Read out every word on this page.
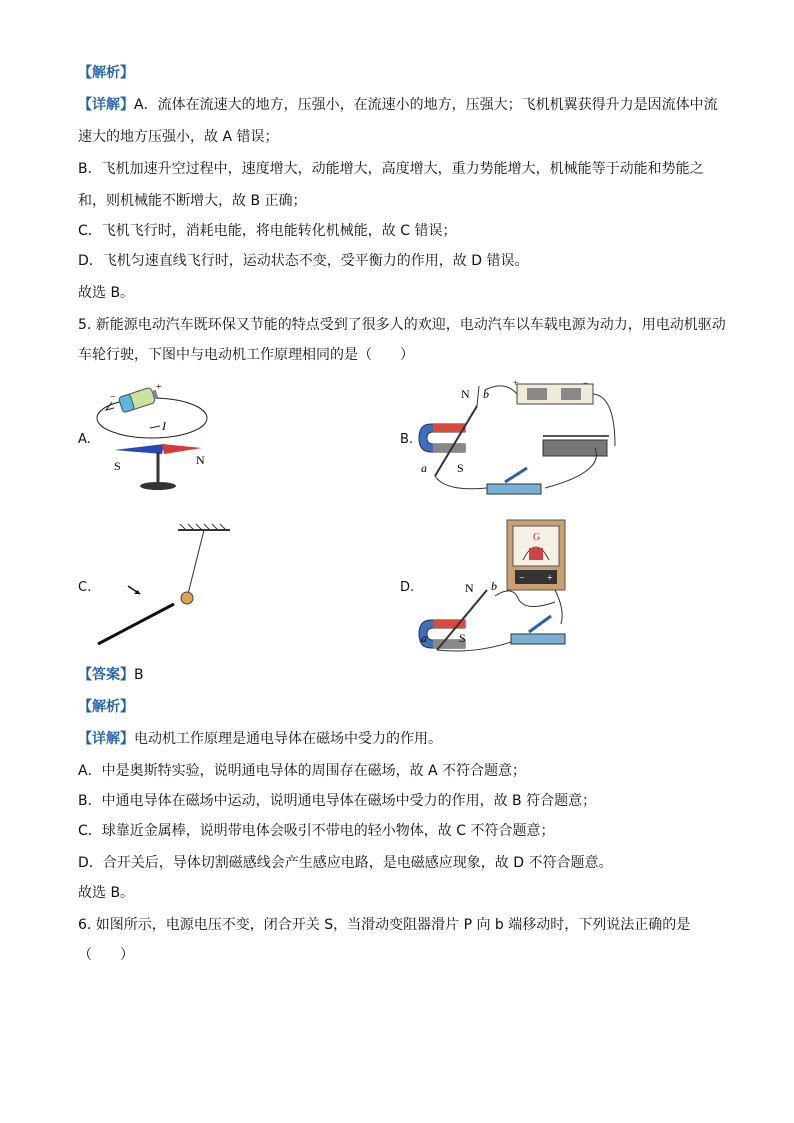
【解析】
【详解】A．流体在流速大的地方，压强小，在流速小的地方，压强大；飞机机翼获得升力是因流体中流
速大的地方压强小，故 A 错误；
B．飞机加速升空过程中，速度增大，动能增大，高度增大，重力势能增大，机械能等于动能和势能之
和，则机械能不断增大，故 B 正确；
C．飞机飞行时，消耗电能，将电能转化机械能，故 C 错误；
D．飞机匀速直线飞行时，运动状态不变，受平衡力的作用，故 D 错误。
故选 B。
5. 新能源电动汽车既环保又节能的特点受到了很多人的欢迎，电动汽车以车载电源为动力，用电动机驱动
车轮行驶，下图中与电动机工作原理相同的是（　　）
A.
+
−
I
S	N
B.
N b
a	S
+	−
C.	D.	N b
a	S
G
− +
【答案】B
【解析】
【详解】电动机工作原理是通电导体在磁场中受力的作用。
A．中是奥斯特实验，说明通电导体的周围存在磁场，故 A 不符合题意；
B．中通电导体在磁场中运动，说明通电导体在磁场中受力的作用，故 B 符合题意；
C．球靠近金属棒，说明带电体会吸引不带电的轻小物体，故 C 不符合题意；
D．合开关后，导体切割磁感线会产生感应电路，是电磁感应现象，故 D 不符合题意。
故选 B。
6. 如图所示，电源电压不变，闭合开关 S，当滑动变阻器滑片 P 向 b 端移动时，下列说法正确的是
（　　）
